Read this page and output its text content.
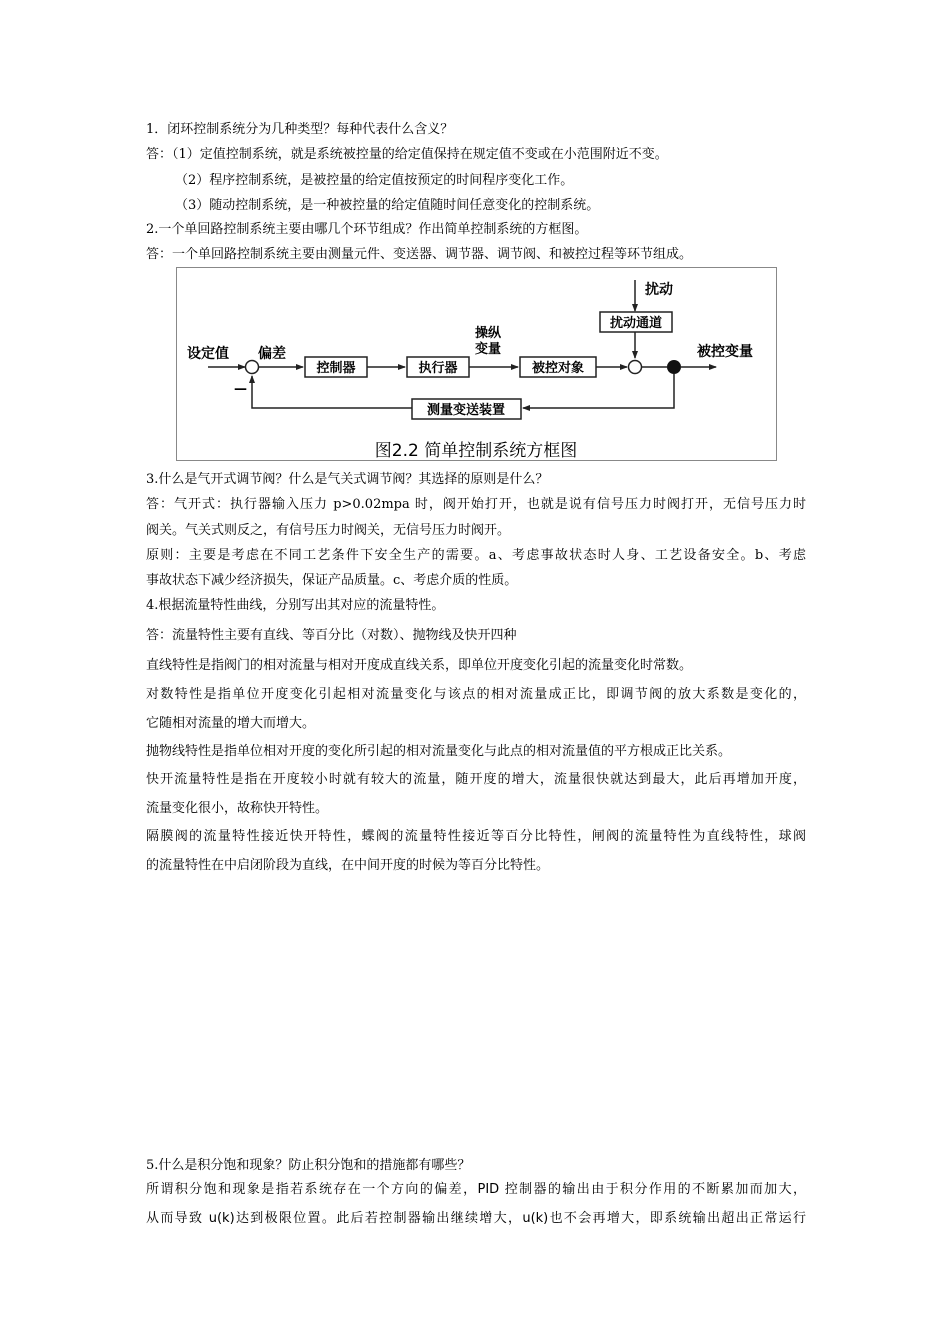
1．闭环控制系统分为几种类型？每种代表什么含义？
答：（1）定值控制系统，就是系统被控量的给定值保持在规定值不变或在小范围附近不变。
（2）程序控制系统，是被控量的给定值按预定的时间程序变化工作。
（3）随动控制系统，是一种被控量的给定值随时间任意变化的控制系统。
2.一个单回路控制系统主要由哪几个环节组成？作出简单控制系统的方框图。
答：一个单回路控制系统主要由测量元件、变送器、调节器、调节阀、和被控过程等环节组成。
扰动
扰动通道
设定值 偏差
—
控制器	执行器
操纵
变量
被控对象
被控变量
测量变送装置
图2.2 简单控制系统方框图
3.什么是气开式调节阀？什么是气关式调节阀？其选择的原则是什么？
答：气开式：执行器输入压力 p>0.02mpa 时，阀开始打开，也就是说有信号压力时阀打开，无信号压力时
阀关。气关式则反之，有信号压力时阀关，无信号压力时阀开。
原则：主要是考虑在不同工艺条件下安全生产的需要。a、考虑事故状态时人身、工艺设备安全。b、考虑
事故状态下减少经济损失，保证产品质量。c、考虑介质的性质。
4.根据流量特性曲线，分别写出其对应的流量特性。
答：流量特性主要有直线、等百分比（对数）、抛物线及快开四种
直线特性是指阀门的相对流量与相对开度成直线关系，即单位开度变化引起的流量变化时常数。
对数特性是指单位开度变化引起相对流量变化与该点的相对流量成正比，即调节阀的放大系数是变化的，
它随相对流量的增大而增大。
抛物线特性是指单位相对开度的变化所引起的相对流量变化与此点的相对流量值的平方根成正比关系。
快开流量特性是指在开度较小时就有较大的流量，随开度的增大，流量很快就达到最大，此后再增加开度，
流量变化很小，故称快开特性。
隔膜阀的流量特性接近快开特性，蝶阀的流量特性接近等百分比特性，闸阀的流量特性为直线特性，球阀
的流量特性在中启闭阶段为直线，在中间开度的时候为等百分比特性。
5.什么是积分饱和现象？防止积分饱和的措施都有哪些？
所谓积分饱和现象是指若系统存在一个方向的偏差，PID 控制器的输出由于积分作用的不断累加而加大，
从而导致 u(k)达到极限位置。此后若控制器输出继续增大，u(k)也不会再增大，即系统输出超出正常运行
